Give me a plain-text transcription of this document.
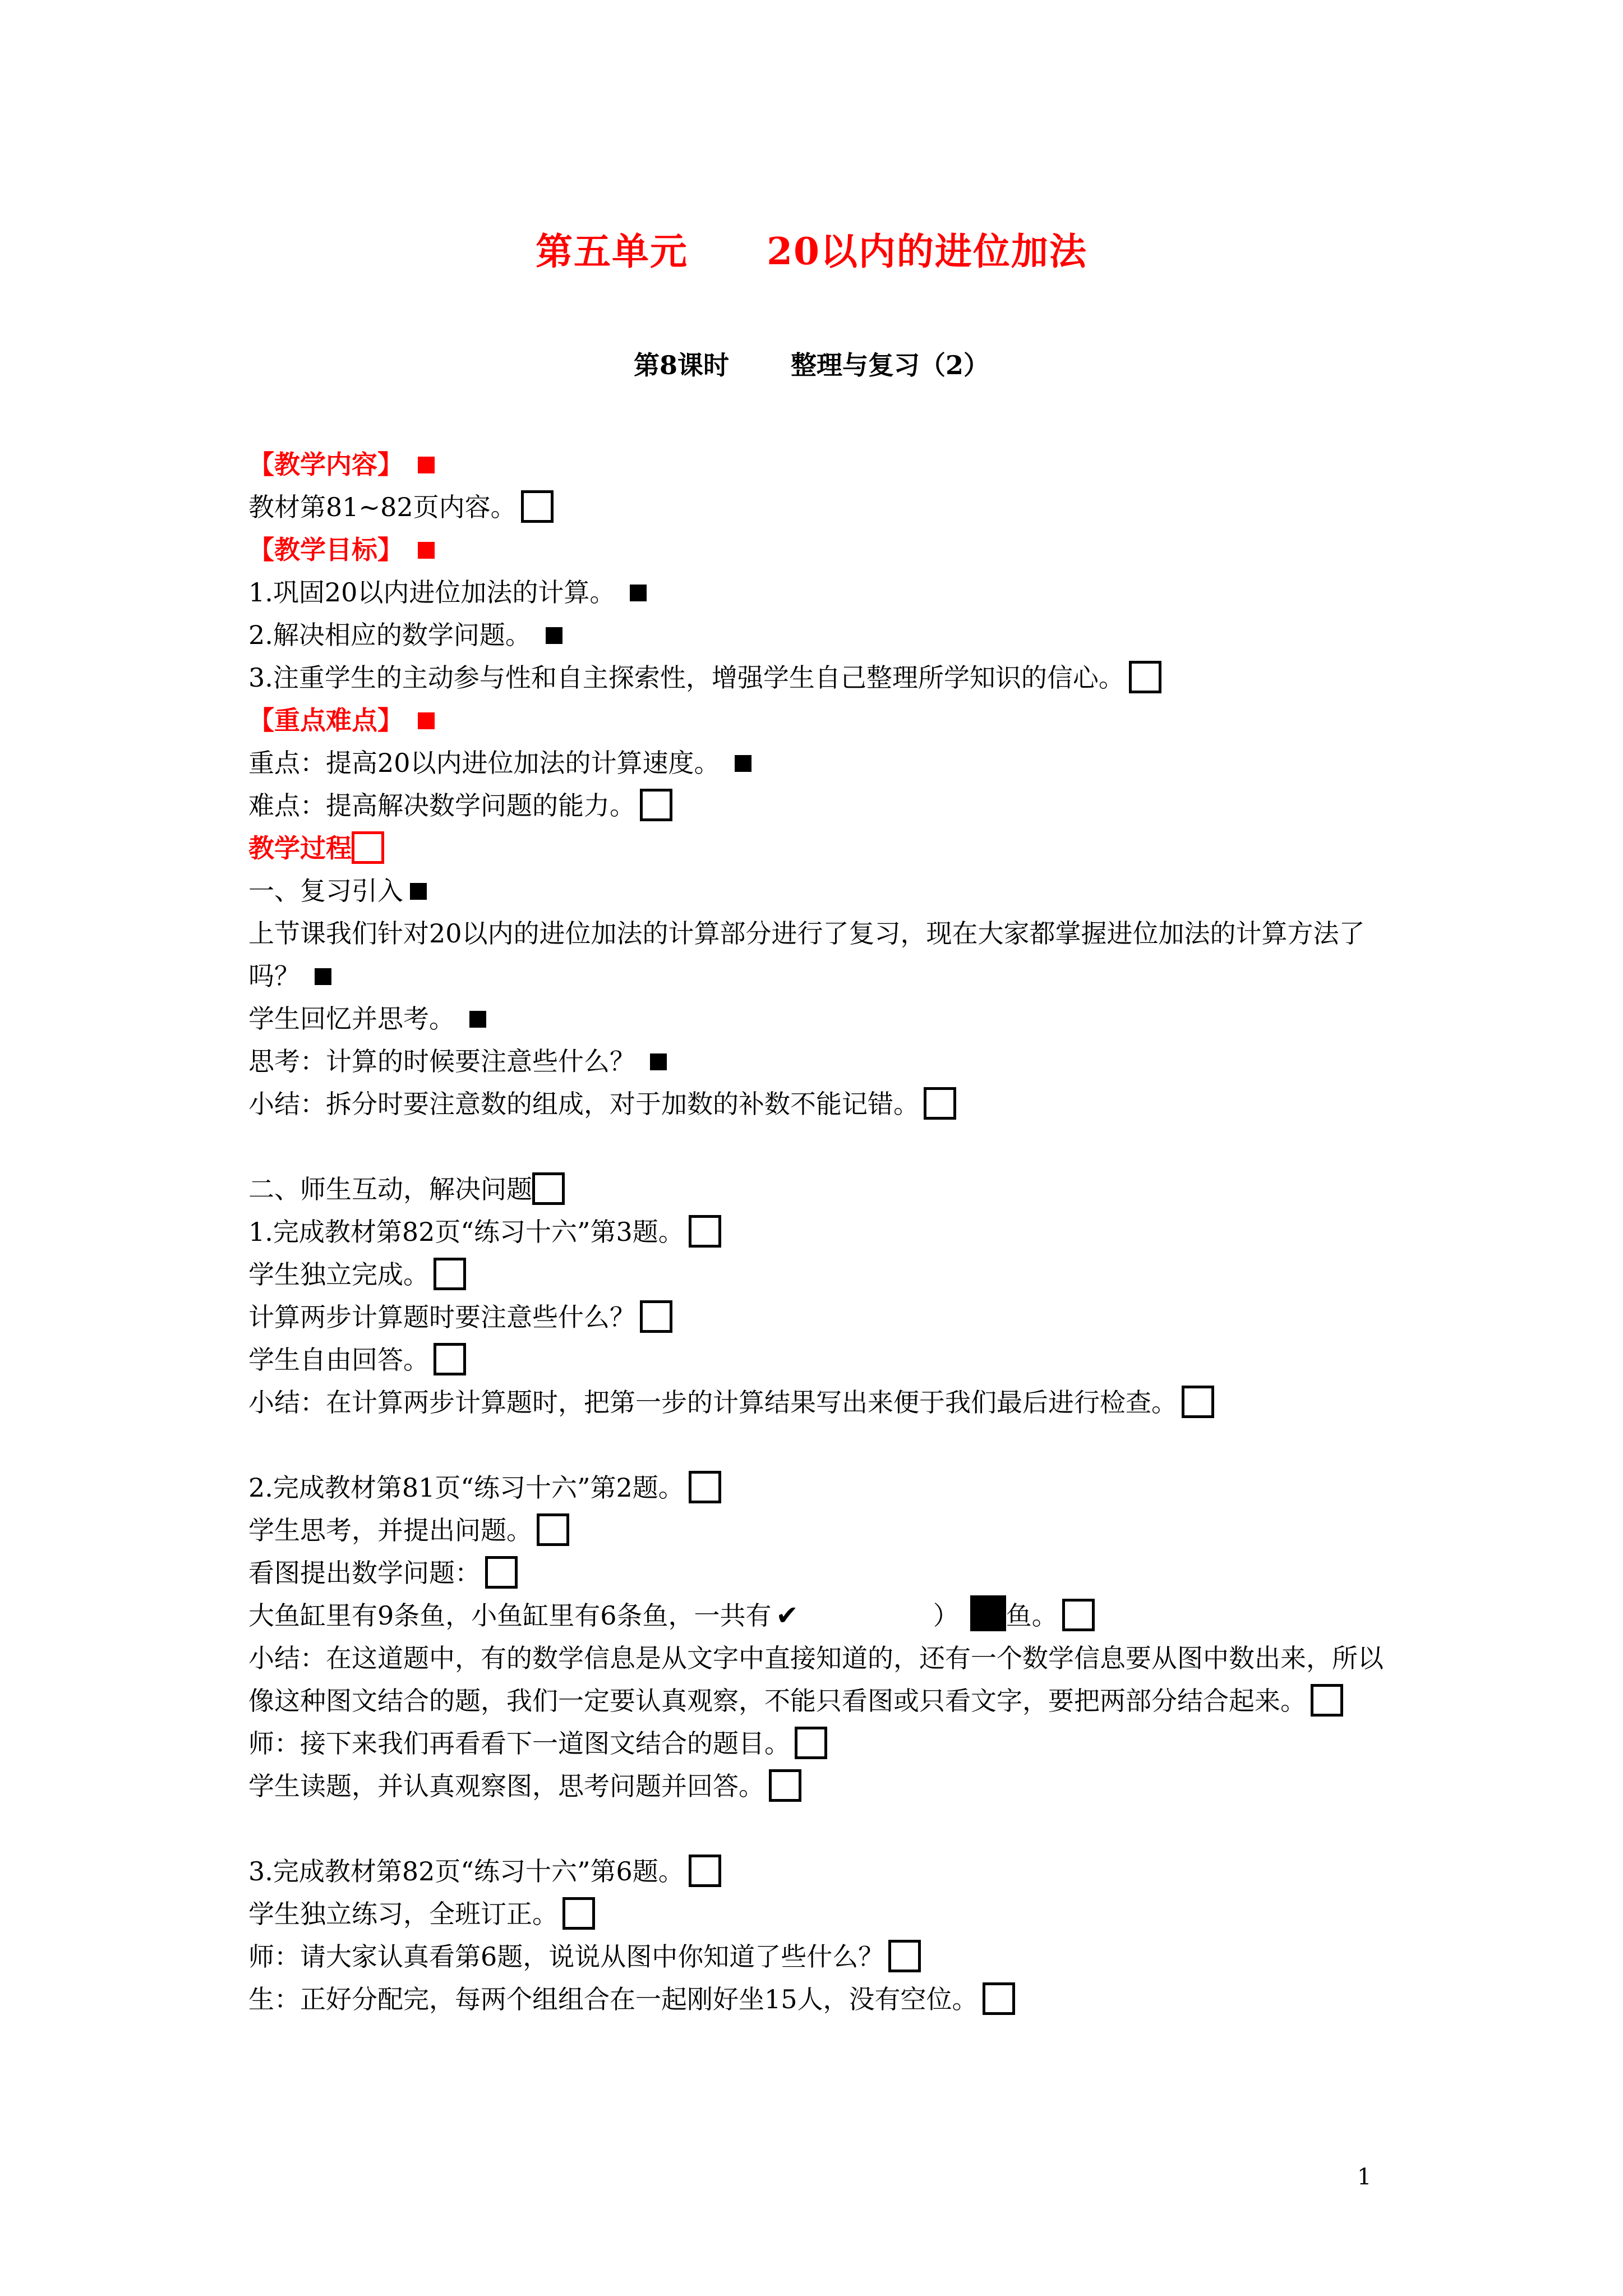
第五单元 20以内的进位加法
第8课时 整理与复习（2）
【教学内容】
教材第81~82页内容。
【教学目标】
1.巩固20以内进位加法的计算。
2.解决相应的数学问题。
3.注重学生的主动参与性和自主探索性，增强学生自己整理所学知识的信心。
【重点难点】
重点：提高20以内进位加法的计算速度。
难点：提高解决数学问题的能力。
教学过程
一、复习引入
上节课我们针对20以内的进位加法的计算部分进行了复习，现在大家都掌握进位加法的计算方法了吗？
学生回忆并思考。
思考：计算的时候要注意些什么？
小结：拆分时要注意数的组成，对于加数的补数不能记错。
二、师生互动，解决问题
1.完成教材第82页“练习十六”第3题。
学生独立完成。
计算两步计算题时要注意些什么？
学生自由回答。
小结：在计算两步计算题时，把第一步的计算结果写出来便于我们最后进行检查。
2.完成教材第81页“练习十六”第2题。
学生思考，并提出问题。
看图提出数学问题：
大鱼缸里有9条鱼，小鱼缸里有6条鱼，一共有 ✔	） 鱼。
小结：在这道题中，有的数学信息是从文字中直接知道的，还有一个数学信息要从图中数出来，所以像这种图文结合的题，我们一定要认真观察，不能只看图或只看文字，要把两部分结合起来。
师：接下来我们再看看下一道图文结合的题目。
学生读题，并认真观察图，思考问题并回答。
3.完成教材第82页“练习十六”第6题。
学生独立练习，全班订正。
师：请大家认真看第6题，说说从图中你知道了些什么？
生：正好分配完，每两个组组合在一起刚好坐15人，没有空位。
1
